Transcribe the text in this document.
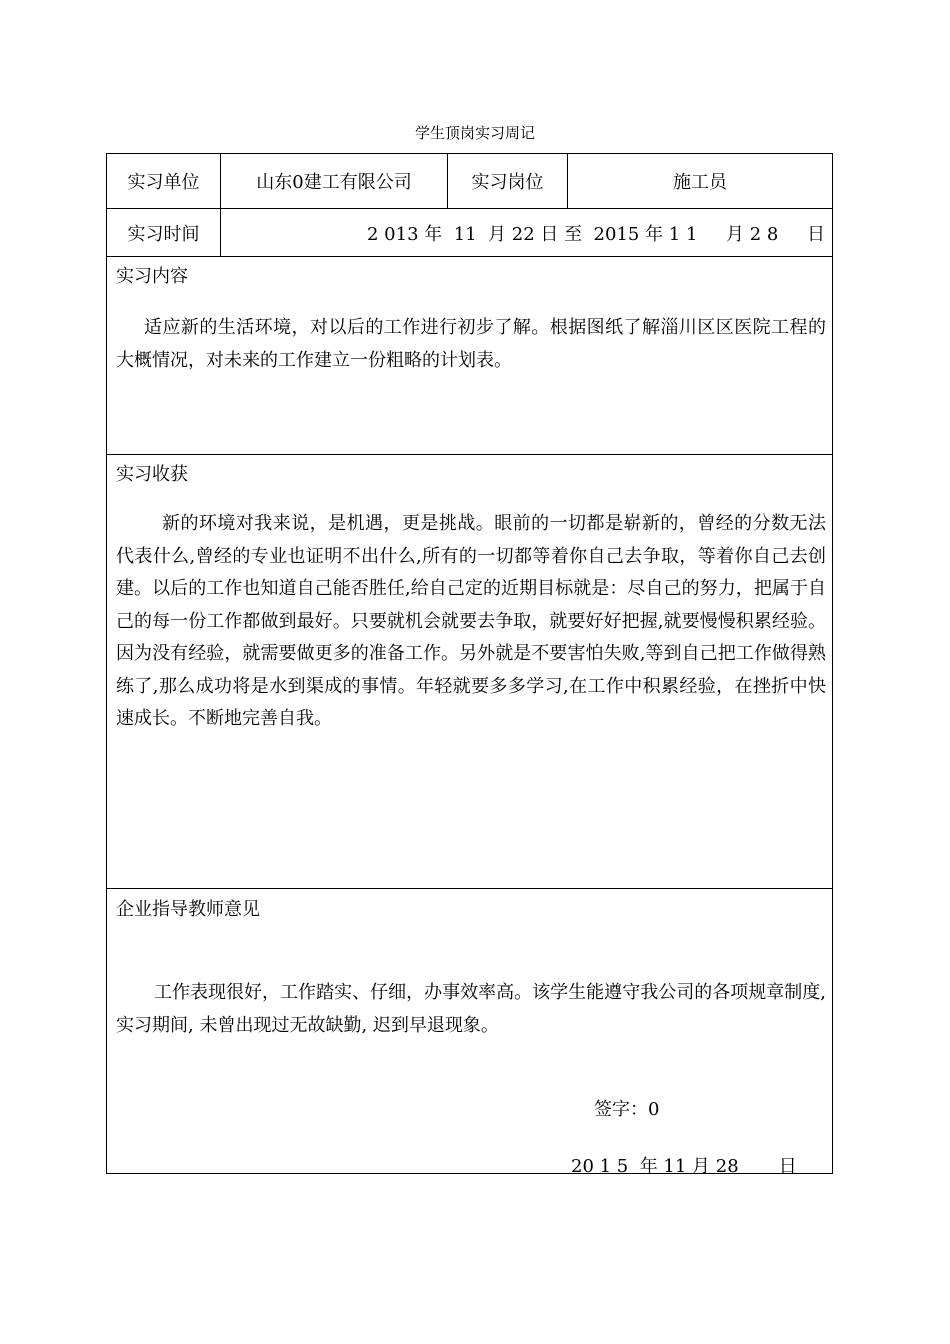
学生顶岗实习周记
实习单位	山东0建工有限公司	实习岗位	施工员
实习时间	2 013 年  11  月 22 日 至  2015 年 1 1     月 2 8     日
实习内容
适应新的生活环境，对以后的工作进行初步了解。根据图纸了解淄川区区医院工程的大概情况，对未来的工作建立一份粗略的计划表。
实习收获
新的环境对我来说，是机遇，更是挑战。眼前的一切都是崭新的，曾经的分数无法代表什么,曾经的专业也证明不出什么,所有的一切都等着你自己去争取，等着你自己去创建。以后的工作也知道自己能否胜任,给自己定的近期目标就是：尽自己的努力，把属于自己的每一份工作都做到最好。只要就机会就要去争取，就要好好把握,就要慢慢积累经验。因为没有经验，就需要做更多的准备工作。另外就是不要害怕失败,等到自己把工作做得熟练了,那么成功将是水到渠成的事情。年轻就要多多学习,在工作中积累经验，在挫折中快速成长。不断地完善自我。
企业指导教师意见
工作表现很好，工作踏实、仔细，办事效率高。该学生能遵守我公司的各项规章制度, 实习期间, 未曾出现过无故缺勤, 迟到早退现象。
签字：0
20 1 5  年 11 月 28       日
